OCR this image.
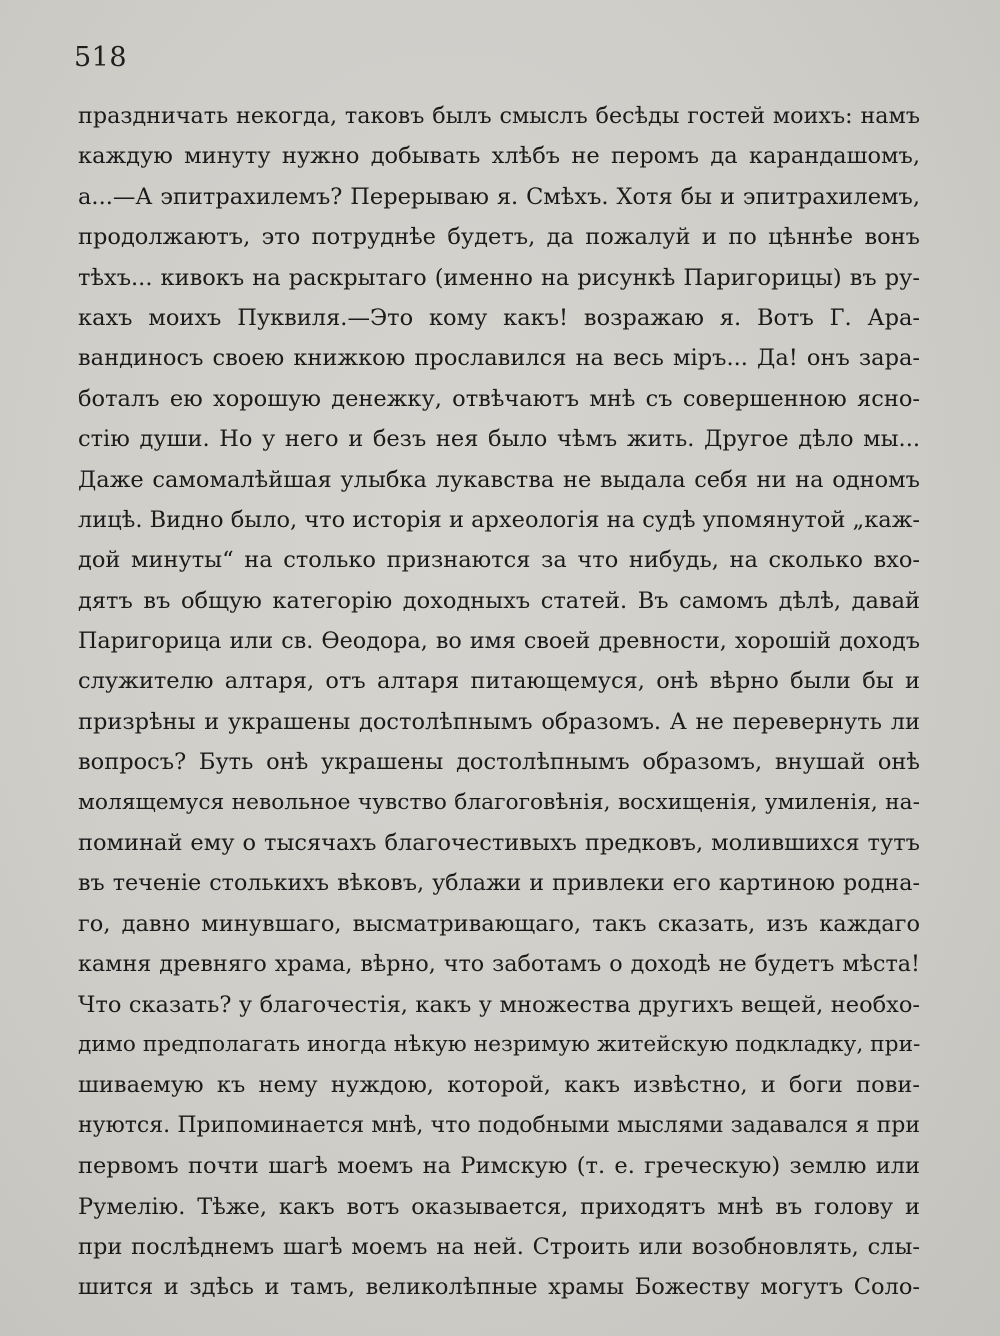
518
праздничать некогда, таковъ былъ смыслъ бесѣды гостей моихъ: намъ
каждую минуту нужно добывать хлѣбъ не перомъ да карандашомъ,
а...—А эпитрахилемъ? Перерываю я. Смѣхъ. Хотя бы и эпитрахилемъ,
продолжаютъ, это потруднѣе будетъ, да пожалуй и по цѣннѣе вонъ
тѣхъ... кивокъ на раскрытаго (именно на рисункѣ Паригорицы) въ ру-
кахъ моихъ Пуквиля.—Это кому какъ! возражаю я. Вотъ Г. Ара-
вандиносъ своею книжкою прославился на весь міръ... Да! онъ зара-
боталъ ею хорошую денежку, отвѣчаютъ мнѣ съ совершенною ясно-
стію души. Но у него и безъ нея было чѣмъ жить. Другое дѣло мы...
Даже самомалѣйшая улыбка лукавства не выдала себя ни на одномъ
лицѣ. Видно было, что исторія и археологія на судѣ упомянутой „каж-
дой минуты“ на столько признаются за что нибудь, на сколько вхо-
дятъ въ общую категорію доходныхъ статей. Въ самомъ дѣлѣ, давай
Паригорица или св. Ѳеодора, во имя своей древности, хорошій доходъ
служителю алтаря, отъ алтаря питающемуся, онѣ вѣрно были бы и
призрѣны и украшены достолѣпнымъ образомъ. А не перевернуть ли
вопросъ? Буть онѣ украшены достолѣпнымъ образомъ, внушай онѣ
молящемуся невольное чувство благоговѣнія, восхищенія, умиленія, на-
поминай ему о тысячахъ благочестивыхъ предковъ, молившихся тутъ
въ теченіе столькихъ вѣковъ, ублажи и привлеки его картиною родна-
го, давно минувшаго, высматривающаго, такъ сказать, изъ каждаго
камня древняго храма, вѣрно, что заботамъ о доходѣ не будетъ мѣста!
Что сказать? у благочестія, какъ у множества другихъ вещей, необхо-
димо предполагать иногда нѣкую незримую житейскую подкладку, при-
шиваемую къ нему нуждою, которой, какъ извѣстно, и боги пови-
нуются. Припоминается мнѣ, что подобными мыслями задавался я при
первомъ почти шагѣ моемъ на Римскую (т. е. греческую) землю или
Румелію. Тѣже, какъ вотъ оказывается, приходятъ мнѣ въ голову и
при послѣднемъ шагѣ моемъ на ней. Строить или возобновлять, слы-
шится и здѣсь и тамъ, великолѣпные храмы Божеству могутъ Соло-
